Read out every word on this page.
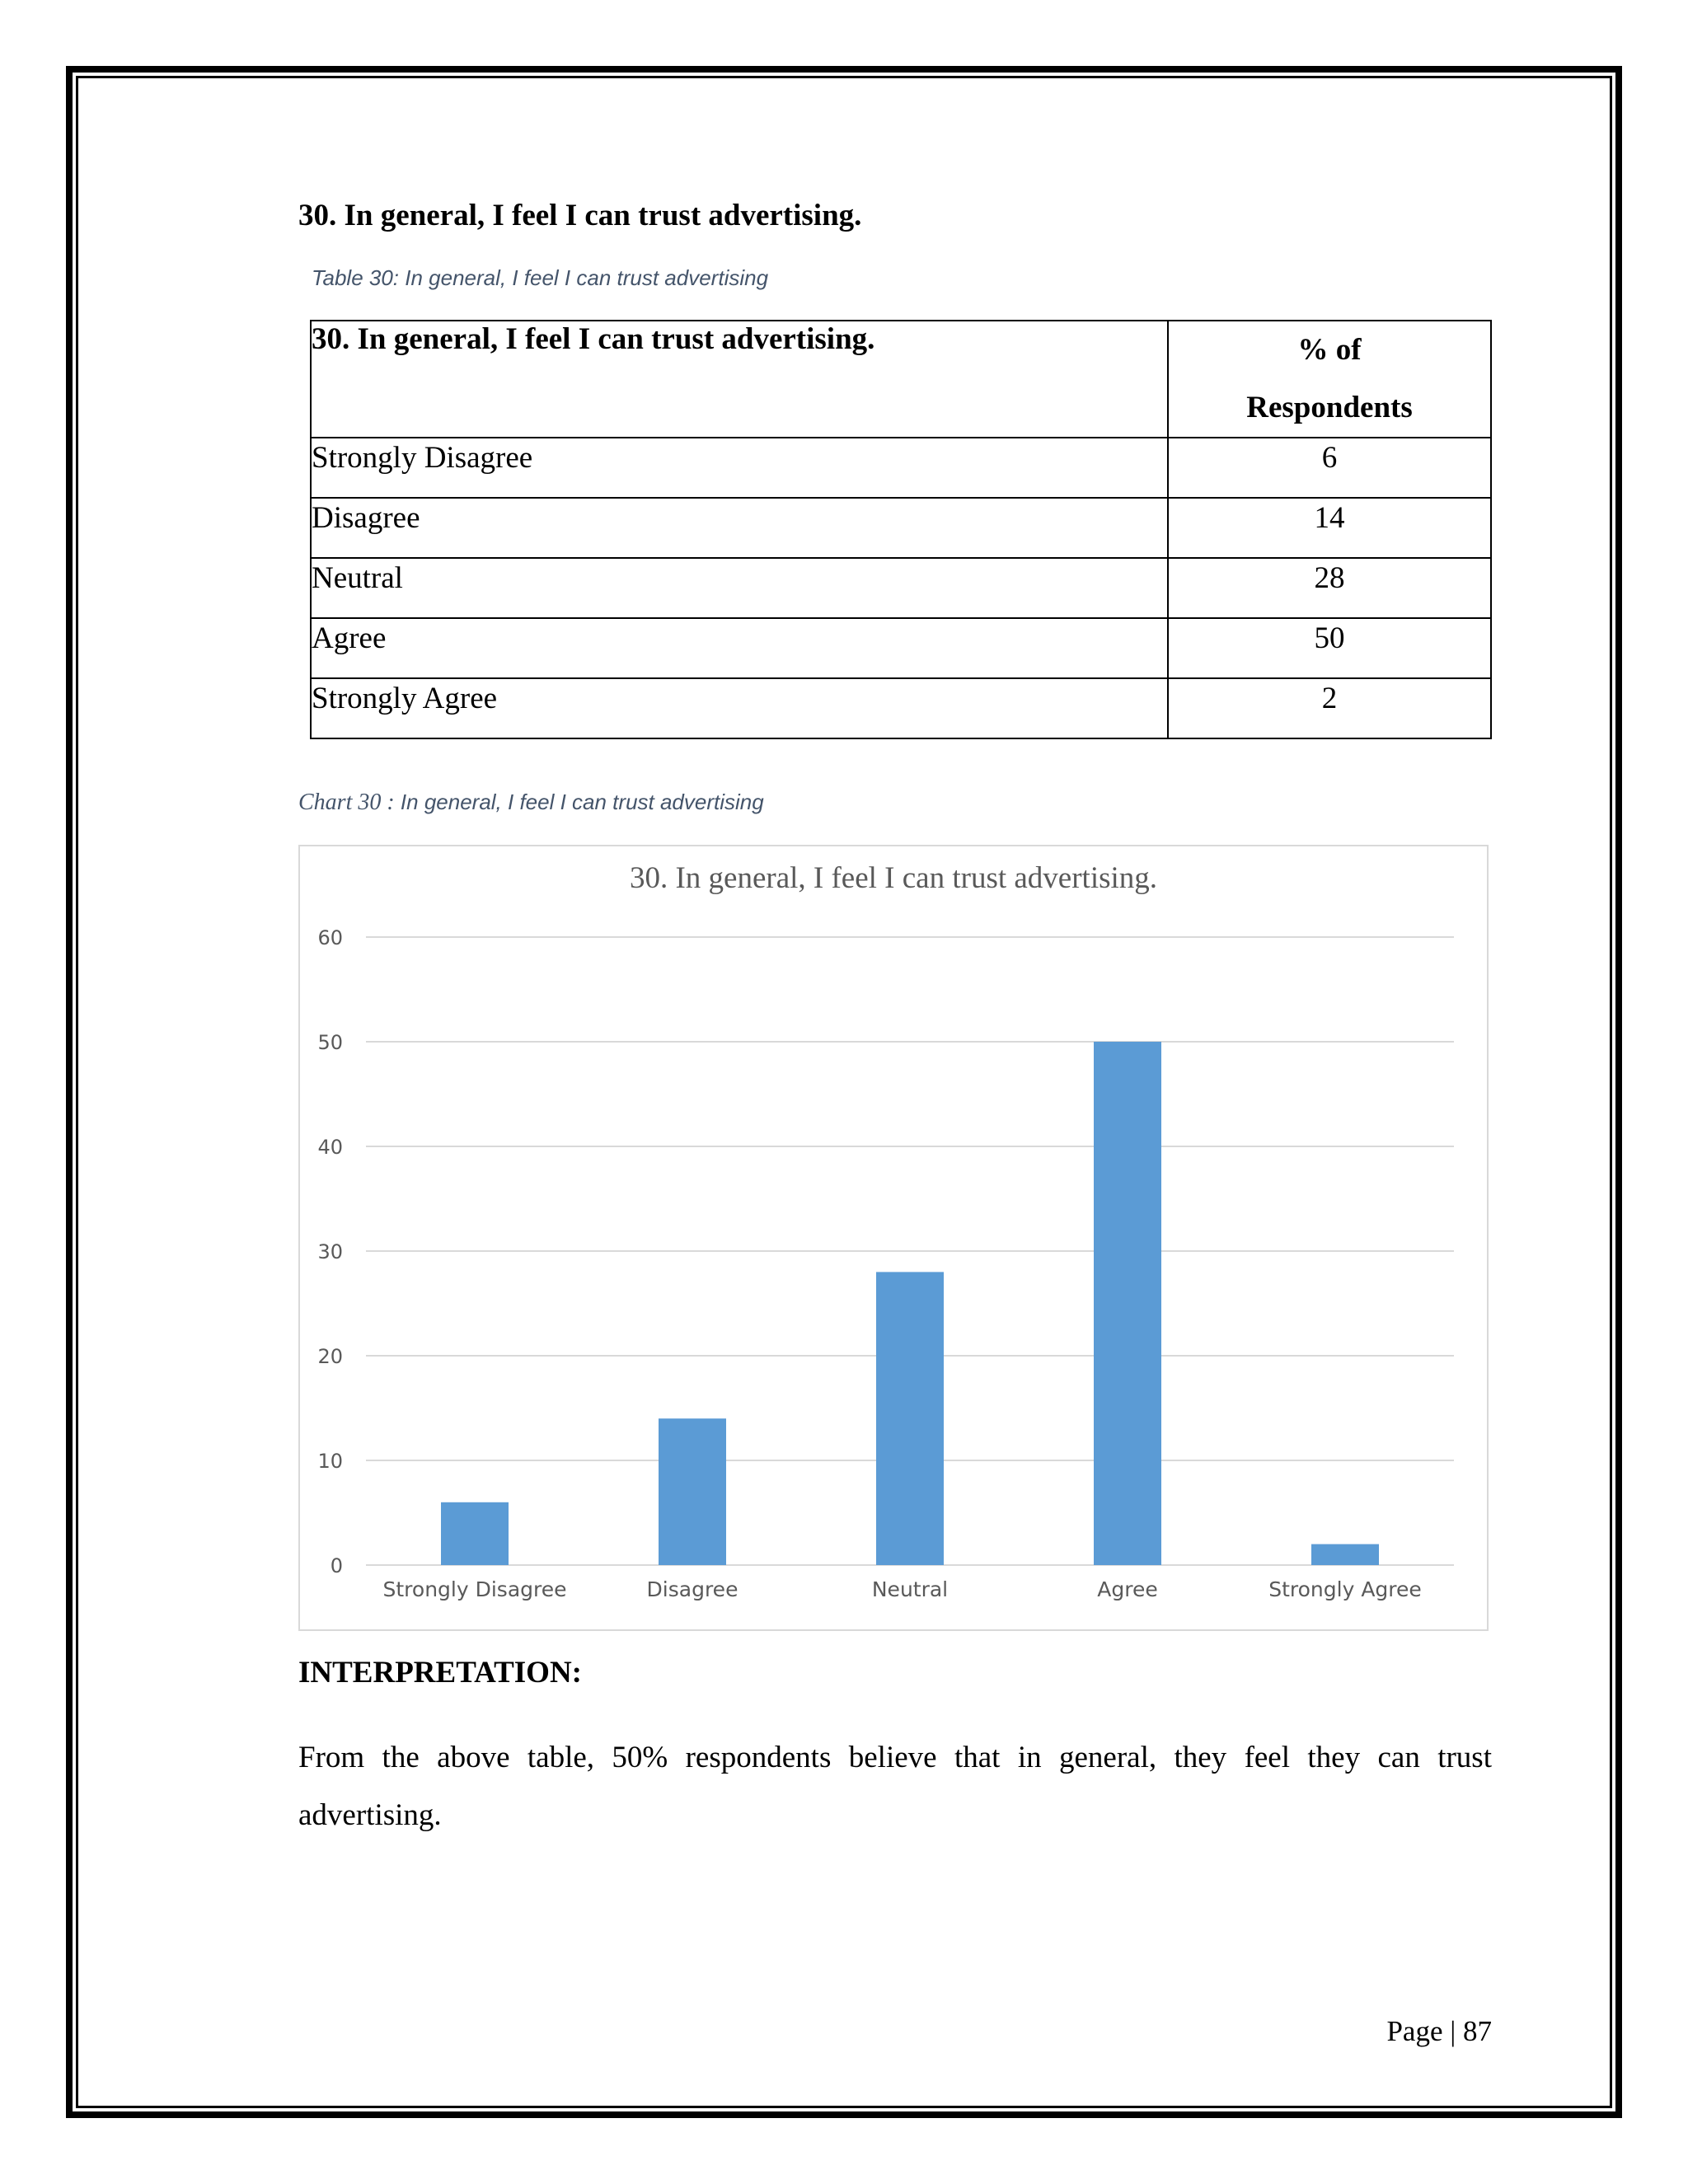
30. In general, I feel I can trust advertising.
Table 30: In general, I feel I can trust advertising
30. In general, I feel I can trust advertising.	% of
Respondents

Strongly Disagree	6
Disagree	14
Neutral	28
Agree	50
Strongly Agree	2
Chart 30 : In general, I feel I can trust advertising
30. In general, I feel I can trust advertising.
0
10
20
30
40
50
60
Strongly Disagree	Disagree	Neutral	Agree	Strongly Agree
INTERPRETATION:
From the above table, 50% respondents believe that in general, they feel they can trust advertising.
Page | 87
